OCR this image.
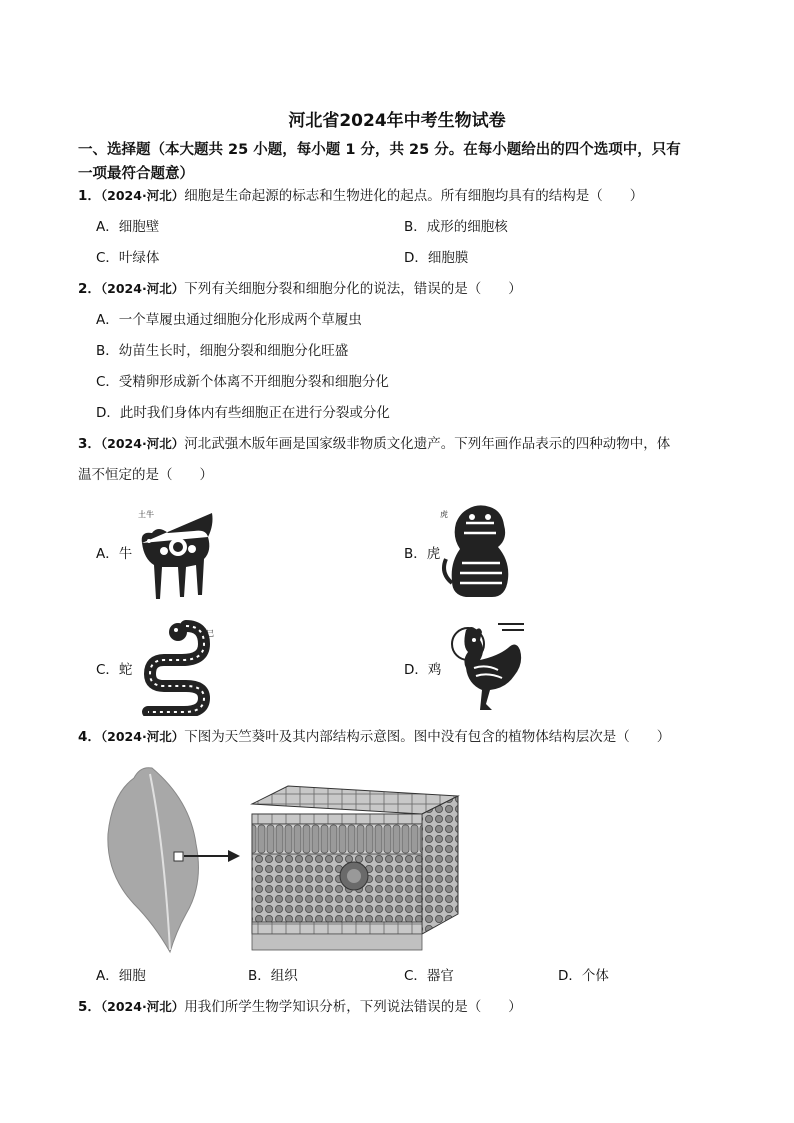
河北省2024年中考生物试卷
一、选择题（本大题共 25 小题，每小题 1 分，共 25 分。在每小题给出的四个选项中，只有
一项最符合题意）
1．（2024·河北）细胞是生命起源的标志和生物进化的起点。所有细胞均具有的结构是（　　）
A．细胞壁	B．成形的细胞核
C．叶绿体	D．细胞膜
2．（2024·河北）下列有关细胞分裂和细胞分化的说法，错误的是（　　）
A．一个草履虫通过细胞分化形成两个草履虫
B．幼苗生长时，细胞分裂和细胞分化旺盛
C．受精卵形成新个体离不开细胞分裂和细胞分化
D．此时我们身体内有些细胞正在进行分裂或分化
3．（2024·河北）河北武强木版年画是国家级非物质文化遗产。下列年画作品表示的四种动物中，体
温不恒定的是（　　）
A．牛
土牛
B．虎
虎
C．蛇
巳
D．鸡
4．（2024·河北）下图为天竺葵叶及其内部结构示意图。图中没有包含的植物体结构层次是（　　）
A．细胞	B．组织	C．器官	D．个体
5．（2024·河北）用我们所学生物学知识分析，下列说法错误的是（　　）
